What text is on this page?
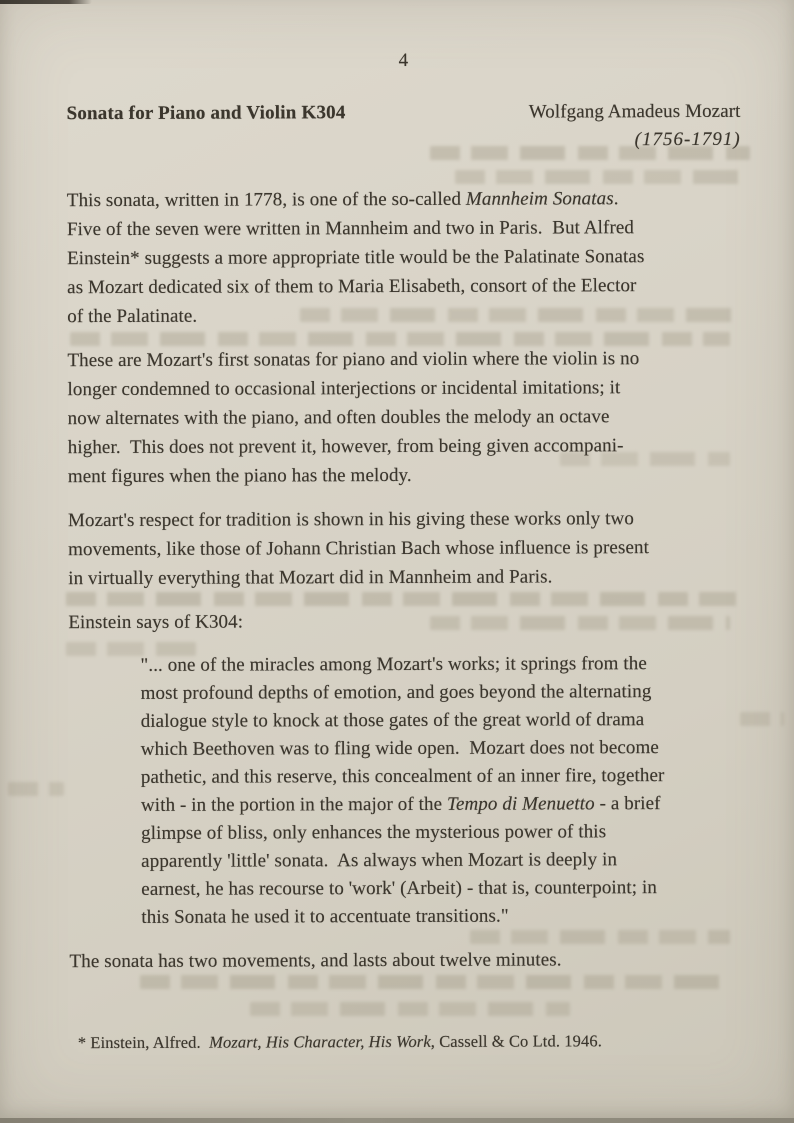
4
Sonata for Piano and Violin K304	Wolfgang Amadeus Mozart
(1756-1791)
This sonata, written in 1778, is one of the so-called Mannheim Sonatas.
Five of the seven were written in Mannheim and two in Paris.  But Alfred
Einstein* suggests a more appropriate title would be the Palatinate Sonatas
as Mozart dedicated six of them to Maria Elisabeth, consort of the Elector
of the Palatinate.
These are Mozart's first sonatas for piano and violin where the violin is no
longer condemned to occasional interjections or incidental imitations; it
now alternates with the piano, and often doubles the melody an octave
higher.  This does not prevent it, however, from being given accompani-
ment figures when the piano has the melody.
Mozart's respect for tradition is shown in his giving these works only two
movements, like those of Johann Christian Bach whose influence is present
in virtually everything that Mozart did in Mannheim and Paris.
Einstein says of K304:
"... one of the miracles among Mozart's works; it springs from the
most profound depths of emotion, and goes beyond the alternating
dialogue style to knock at those gates of the great world of drama
which Beethoven was to fling wide open.  Mozart does not become
pathetic, and this reserve, this concealment of an inner fire, together
with - in the portion in the major of the Tempo di Menuetto - a brief
glimpse of bliss, only enhances the mysterious power of this
apparently 'little' sonata.  As always when Mozart is deeply in
earnest, he has recourse to 'work' (Arbeit) - that is, counterpoint; in
this Sonata he used it to accentuate transitions."
The sonata has two movements, and lasts about twelve minutes.
* Einstein, Alfred.  Mozart, His Character, His Work, Cassell & Co Ltd. 1946.
